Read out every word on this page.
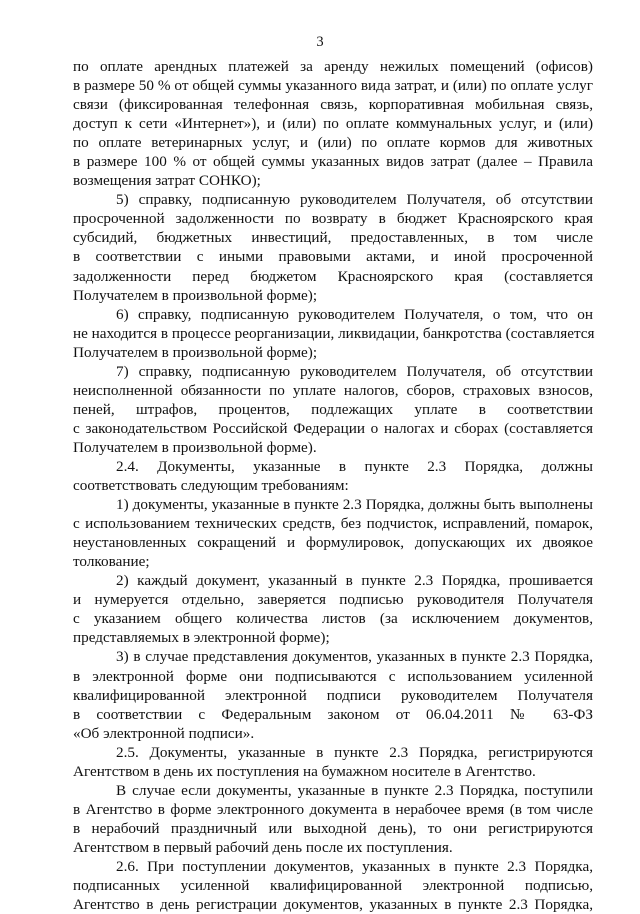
3
по оплате арендных платежей за аренду нежилых помещений (офисов)
в размере 50 % от общей суммы указанного вида затрат, и (или) по оплате услуг
связи (фиксированная телефонная связь, корпоративная мобильная связь,
доступ к сети «Интернет»), и (или) по оплате коммунальных услуг, и (или)
по оплате ветеринарных услуг, и (или) по оплате кормов для животных
в размере 100 % от общей суммы указанных видов затрат (далее – Правила
возмещения затрат СОНКО);
5) справку, подписанную руководителем Получателя, об отсутствии
просроченной задолженности по возврату в бюджет Красноярского края
субсидий, бюджетных инвестиций, предоставленных, в том числе
в соответствии с иными правовыми актами, и иной просроченной
задолженности перед бюджетом Красноярского края (составляется
Получателем в произвольной форме);
6) справку, подписанную руководителем Получателя, о том, что он
не находится в процессе реорганизации, ликвидации, банкротства (составляется
Получателем в произвольной форме);
7) справку, подписанную руководителем Получателя, об отсутствии
неисполненной обязанности по уплате налогов, сборов, страховых взносов,
пеней, штрафов, процентов, подлежащих уплате в соответствии
с законодательством Российской Федерации о налогах и сборах (составляется
Получателем в произвольной форме).
2.4. Документы, указанные в пункте 2.3 Порядка, должны
соответствовать следующим требованиям:
1) документы, указанные в пункте 2.3 Порядка, должны быть выполнены
с использованием технических средств, без подчисток, исправлений, помарок,
неустановленных сокращений и формулировок, допускающих их двоякое
толкование;
2) каждый документ, указанный в пункте 2.3 Порядка, прошивается
и нумеруется отдельно, заверяется подписью руководителя Получателя
с указанием общего количества листов (за исключением документов,
представляемых в электронной форме);
3) в случае представления документов, указанных в пункте 2.3 Порядка,
в электронной форме они подписываются с использованием усиленной
квалифицированной электронной подписи руководителем Получателя
в соответствии с Федеральным законом от 06.04.2011 № 63-ФЗ
«Об электронной подписи».
2.5. Документы, указанные в пункте 2.3 Порядка, регистрируются
Агентством в день их поступления на бумажном носителе в Агентство.
В случае если документы, указанные в пункте 2.3 Порядка, поступили
в Агентство в форме электронного документа в нерабочее время (в том числе
в нерабочий праздничный или выходной день), то они регистрируются
Агентством в первый рабочий день после их поступления.
2.6. При поступлении документов, указанных в пункте 2.3 Порядка,
подписанных усиленной квалифицированной электронной подписью,
Агентство в день регистрации документов, указанных в пункте 2.3 Порядка,
